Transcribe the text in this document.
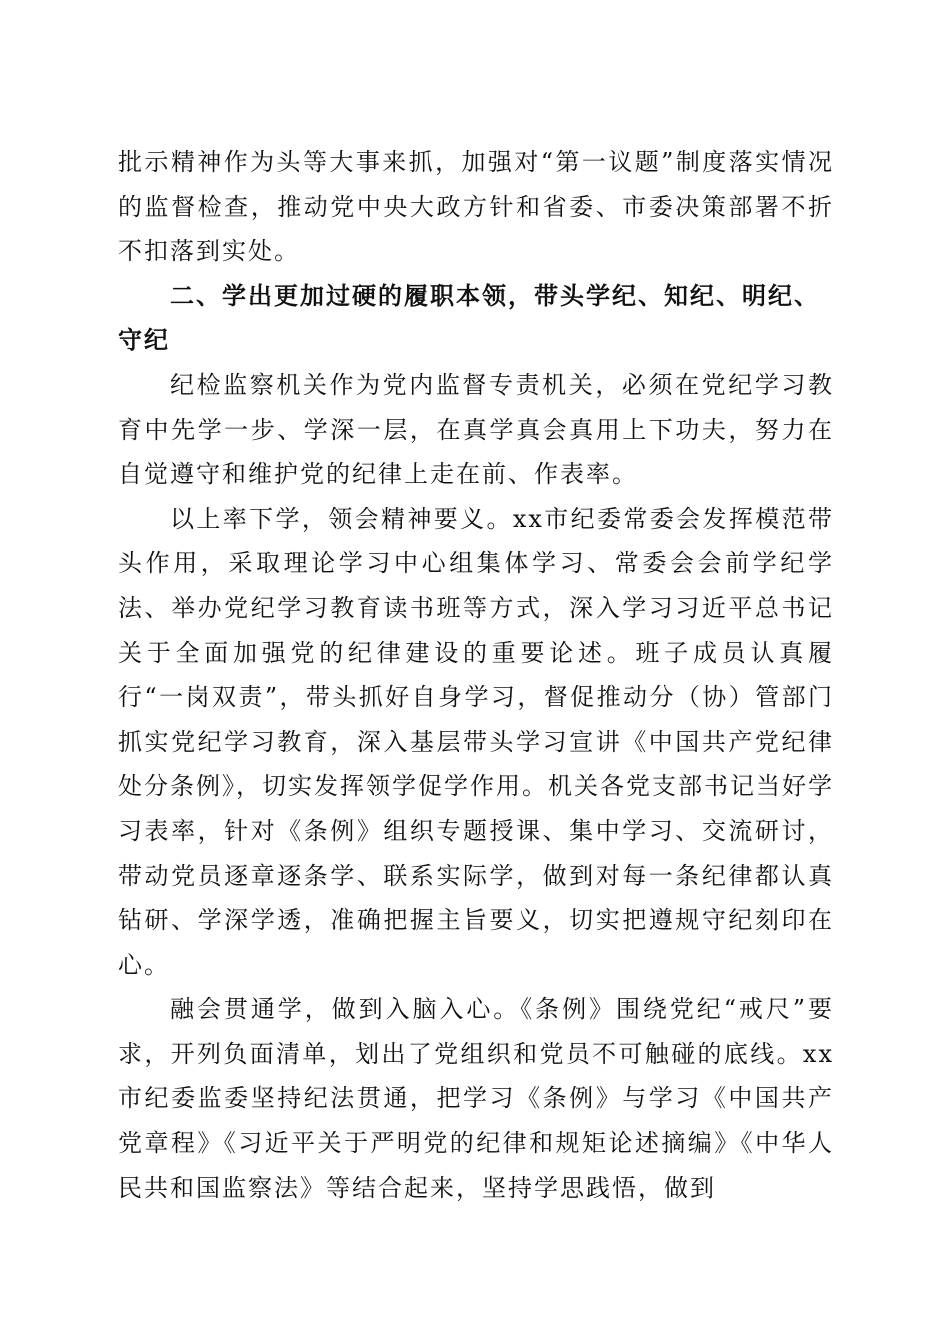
批示精神作为头等大事来抓，加强对“第一议题”制度落实情况的监督检查，推动党中央大政方针和省委、市委决策部署不折不扣落到实处。

二、学出更加过硬的履职本领，带头学纪、知纪、明纪、守纪

纪检监察机关作为党内监督专责机关，必须在党纪学习教育中先学一步、学深一层，在真学真会真用上下功夫，努力在自觉遵守和维护党的纪律上走在前、作表率。

以上率下学，领会精神要义。xx市纪委常委会发挥模范带头作用，采取理论学习中心组集体学习、常委会会前学纪学法、举办党纪学习教育读书班等方式，深入学习习近平总书记关于全面加强党的纪律建设的重要论述。班子成员认真履行“一岗双责”，带头抓好自身学习，督促推动分（协）管部门抓实党纪学习教育，深入基层带头学习宣讲《中国共产党纪律处分条例》，切实发挥领学促学作用。机关各党支部书记当好学习表率，针对《条例》组织专题授课、集中学习、交流研讨，带动党员逐章逐条学、联系实际学，做到对每一条纪律都认真钻研、学深学透，准确把握主旨要义，切实把遵规守纪刻印在心。

融会贯通学，做到入脑入心。《条例》围绕党纪“戒尺”要求，开列负面清单，划出了党组织和党员不可触碰的底线。xx市纪委监委坚持纪法贯通，把学习《条例》与学习《中国共产党章程》《习近平关于严明党的纪律和规矩论述摘编》《中华人民共和国监察法》等结合起来，坚持学思践悟，做到
